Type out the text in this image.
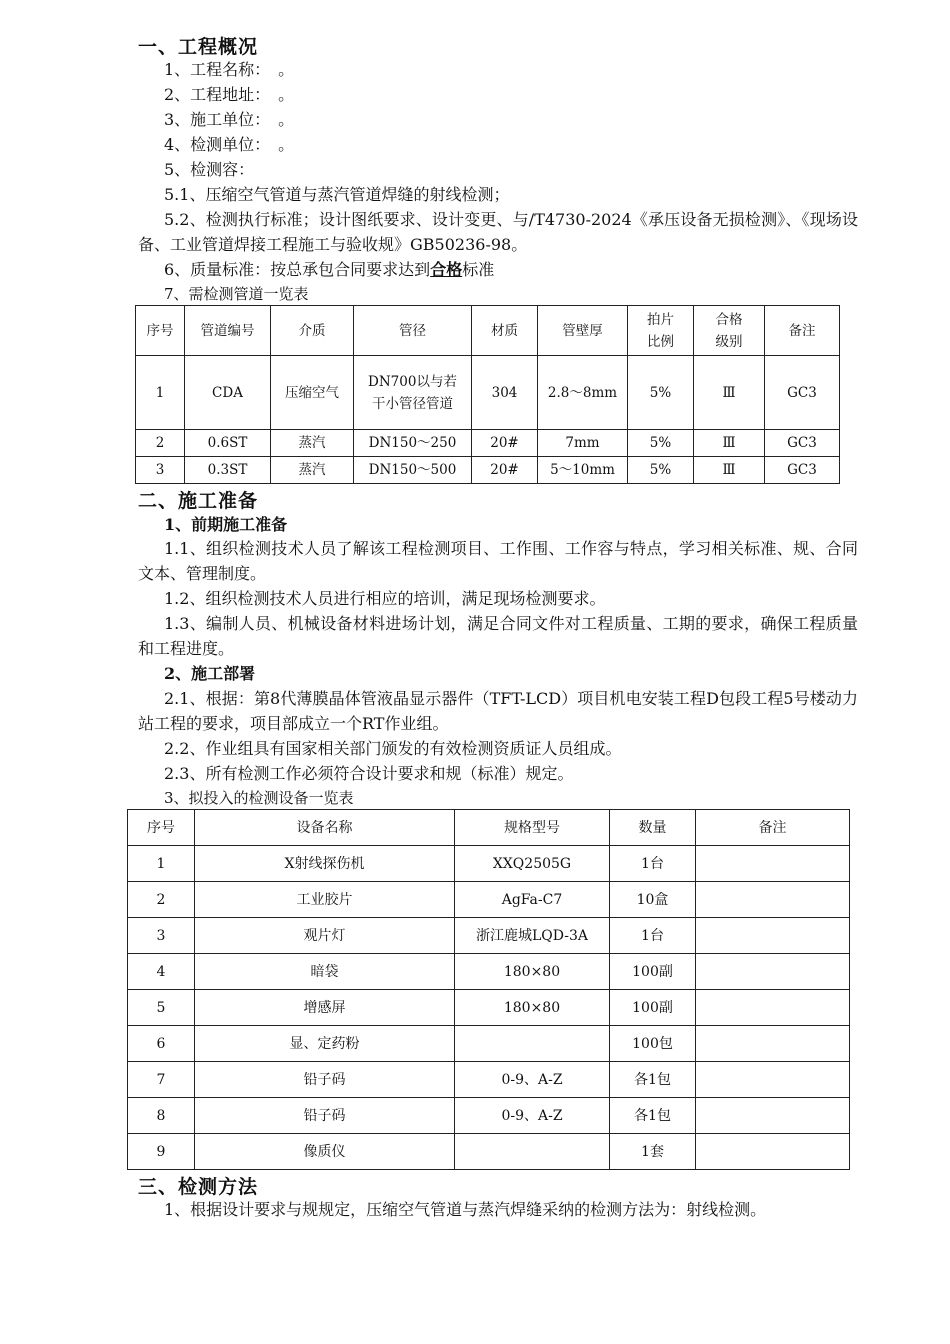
一、工程概况
1、工程名称：　。
2、工程地址：　。
3、施工单位：　。
4、检测单位：　。
5、检测容：
5.1、压缩空气管道与蒸汽管道焊缝的射线检测；
5.2、检测执行标准；设计图纸要求、设计变更、与/T4730-2024《承压设备无损检测》、《现场设备、工业管道焊接工程施工与验收规》GB50236-98。
6、质量标准：按总承包合同要求达到合格标准
7、需检测管道一览表
序号	管道编号	介质	管径	材质	管壁厚	拍片比例	合格级别	备注
1	CDA	压缩空气	DN700以与若干小管径管道	304	2.8～8mm	5%	Ⅲ	GC3
2	0.6ST	蒸汽	DN150～250	20#	7mm	5%	Ⅲ	GC3
3	0.3ST	蒸汽	DN150～500	20#	5～10mm	5%	Ⅲ	GC3
二、施工准备
1、前期施工准备
1.1、组织检测技术人员了解该工程检测项目、工作围、工作容与特点，学习相关标准、规、合同文本、管理制度。
1.2、组织检测技术人员进行相应的培训，满足现场检测要求。
1.3、编制人员、机械设备材料进场计划，满足合同文件对工程质量、工期的要求，确保工程质量和工程进度。
2、施工部署
2.1、根据：第8代薄膜晶体管液晶显示器件（TFT-LCD）项目机电安装工程D包段工程5号楼动力站工程的要求，项目部成立一个RT作业组。
2.2、作业组具有国家相关部门颁发的有效检测资质证人员组成。
2.3、所有检测工作必须符合设计要求和规（标准）规定。
3、拟投入的检测设备一览表
序号	设备名称	规格型号	数量	备注
1	X射线探伤机	XXQ2505G	1台	
2	工业胶片	AgFa-C7	10盒	
3	观片灯	浙江鹿城LQD-3A	1台	
4	暗袋	180×80	100副	
5	增感屏	180×80	100副	
6	显、定药粉		100包	
7	铅子码	0-9、A-Z	各1包	
8	铅子码	0-9、A-Z	各1包	
9	像质仪		1套	
三、检测方法
1、根据设计要求与规规定，压缩空气管道与蒸汽焊缝采纳的检测方法为：射线检测。
